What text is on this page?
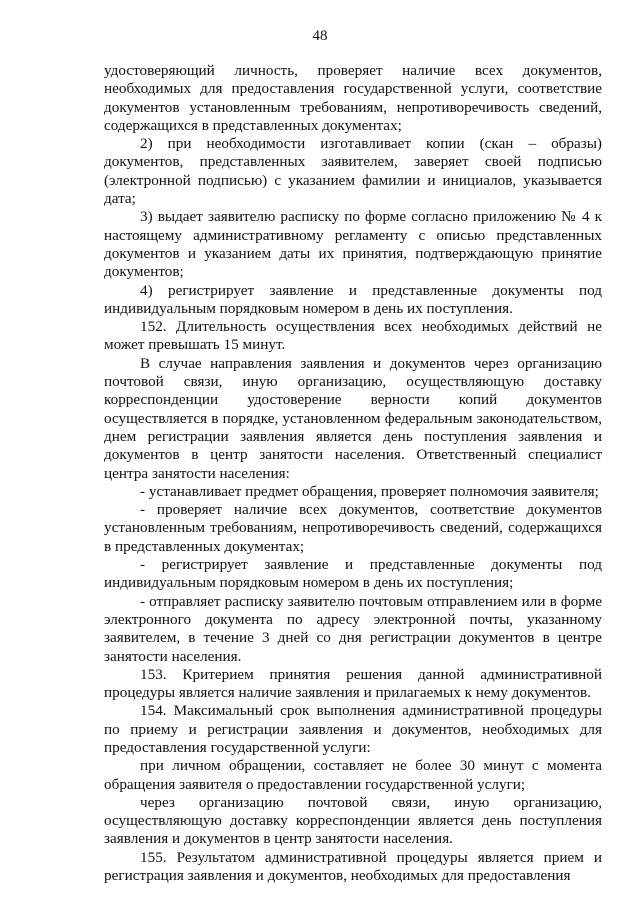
48

удостоверяющий личность, проверяет наличие всех документов, необходимых для предоставления государственной услуги, соответствие документов установленным требованиям, непротиворечивость сведений, содержащихся в представленных документах;

2) при необходимости изготавливает копии (скан – образы) документов, представленных заявителем, заверяет своей подписью (электронной подписью) с указанием фамилии и инициалов, указывается дата;

3) выдает заявителю расписку по форме согласно приложению № 4 к настоящему административному регламенту с описью представленных документов и указанием даты их принятия, подтверждающую принятие документов;

4) регистрирует заявление и представленные документы под индивидуальным порядковым номером в день их поступления.

152. Длительность осуществления всех необходимых действий не может превышать 15 минут.

В случае направления заявления и документов через организацию почтовой связи, иную организацию, осуществляющую доставку корреспонденции удостоверение верности копий документов осуществляется в порядке, установленном федеральным законодательством, днем регистрации заявления является день поступления заявления и документов в центр занятости населения. Ответственный специалист центра занятости населения:

- устанавливает предмет обращения, проверяет полномочия заявителя;

- проверяет наличие всех документов, соответствие документов установленным требованиям, непротиворечивость сведений, содержащихся в представленных документах;

- регистрирует заявление и представленные документы под индивидуальным порядковым номером в день их поступления;

- отправляет расписку заявителю почтовым отправлением или в форме электронного документа по адресу электронной почты, указанному заявителем, в течение 3 дней со дня регистрации документов в центре занятости населения.

153. Критерием принятия решения данной административной процедуры является наличие заявления и прилагаемых к нему документов.

154. Максимальный срок выполнения административной процедуры по приему и регистрации заявления и документов, необходимых для предоставления государственной услуги:

при личном обращении, составляет не более 30 минут с момента обращения заявителя о предоставлении государственной услуги;

через организацию почтовой связи, иную организацию, осуществляющую доставку корреспонденции является день поступления заявления и документов в центр занятости населения.

155. Результатом административной процедуры является прием и регистрация заявления и документов, необходимых для предоставления
